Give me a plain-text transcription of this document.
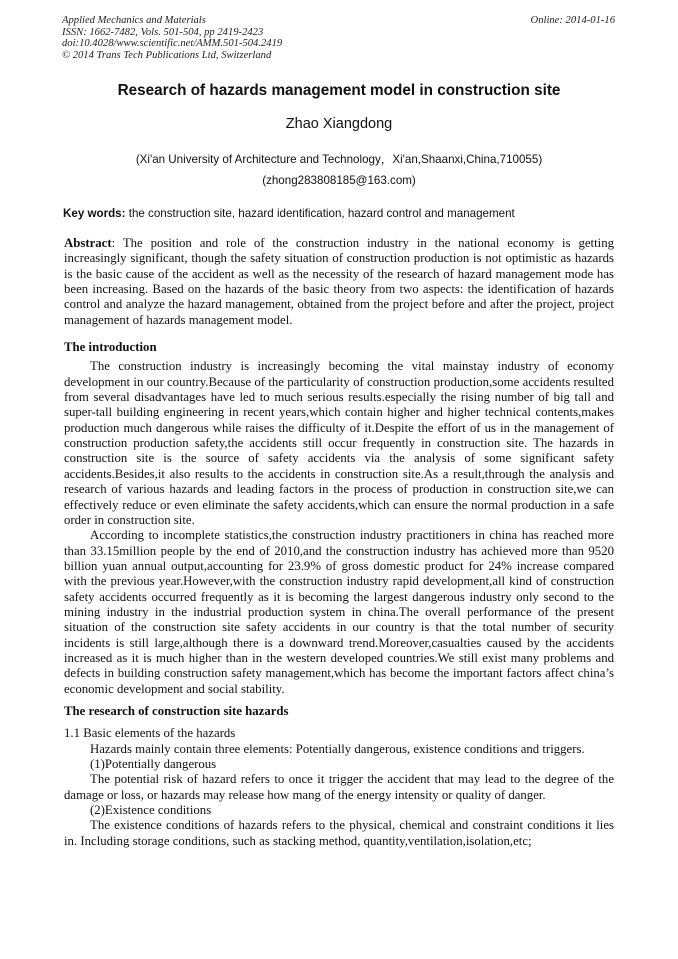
Applied Mechanics and Materials
ISSN: 1662-7482, Vols. 501-504, pp 2419-2423
doi:10.4028/www.scientific.net/AMM.501-504.2419
© 2014 Trans Tech Publications Ltd, Switzerland
Online: 2014-01-16
Research of hazards management model in construction site
Zhao Xiangdong
(Xi'an University of Architecture and Technology，Xi'an,Shaanxi,China,710055)
(zhong283808185@163.com)
Key words: the construction site, hazard identification, hazard control and management

Abstract: The position and role of the construction industry in the national economy is getting increasingly significant, though the safety situation of construction production is not optimistic as hazards is the basic cause of the accident as well as the necessity of the research of hazard management mode has been increasing. Based on the hazards of the basic theory from two aspects: the identification of hazards control and analyze the hazard management, obtained from the project before and after the project, project management of hazards management model.

The introduction

The construction industry is increasingly becoming the vital mainstay industry of economy development in our country.Because of the particularity of construction production,some accidents resulted from several disadvantages have led to much serious results.especially the rising number of big tall and super-tall building engineering in recent years,which contain higher and higher technical contents,makes production much dangerous while raises the difficulty of it.Despite the effort of us in the management of construction production safety,the accidents still occur frequently in construction site. The hazards in construction site is the source of safety accidents via the analysis of some significant safety accidents.Besides,it also results to the accidents in construction site.As a result,through the analysis and research of various hazards and leading factors in the process of production in construction site,we can effectively reduce or even eliminate the safety accidents,which can ensure the normal production in a safe order in construction site.

According to incomplete statistics,the construction industry practitioners in china has reached more than 33.15million people by the end of 2010,and the construction industry has achieved more than 9520 billion yuan annual output,accounting for 23.9% of gross domestic product for 24% increase compared with the previous year.However,with the construction industry rapid development,all kind of construction safety accidents occurred frequently as it is becoming the largest dangerous industry only second to the mining industry in the industrial production system in china.The overall performance of the present situation of the construction site safety accidents in our country is that the total number of security incidents is still large,although there is a downward trend.Moreover,casualties caused by the accidents increased as it is much higher than in the western developed countries.We still exist many problems and defects in building construction safety management,which has become the important factors affect china’s economic development and social stability.

The research of construction site hazards

1.1 Basic elements of the hazards

Hazards mainly contain three elements: Potentially dangerous, existence conditions and triggers.

(1)Potentially dangerous

The potential risk of hazard refers to once it trigger the accident that may lead to the degree of the damage or loss, or hazards may release how mang of the energy intensity or quality of danger.

(2)Existence conditions

The existence conditions of hazards refers to the physical, chemical and constraint conditions it lies in. Including storage conditions, such as stacking method, quantity,ventilation,isolation,etc;
